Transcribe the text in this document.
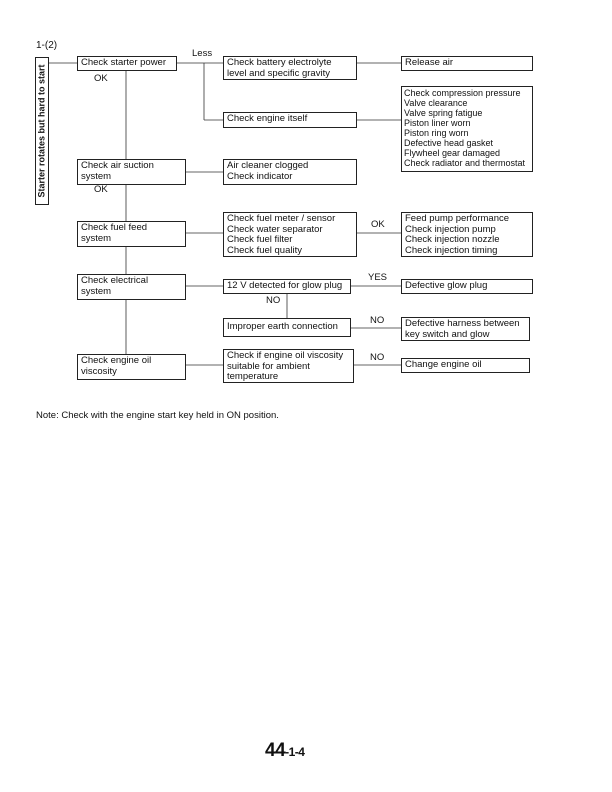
1-(2)
Starter rotates but hard to start
Check starter power
Check air suction
system
Check fuel feed
system
Check electrical
system
Check engine oil
viscosity
Check battery electrolyte
level and specific gravity
Check engine itself
Air cleaner clogged
Check indicator
Check fuel meter / sensor
Check water separator
Check fuel filter
Check fuel quality
12 V detected for glow plug
Improper earth connection
Check if engine oil viscosity
suitable for ambient
temperature
Release air
Check compression pressure
Valve clearance
Valve spring fatigue
Piston liner worn
Piston ring worn
Defective head gasket
Flywheel gear damaged
Check radiator and thermostat
Feed pump performance
Check injection pump
Check injection nozzle
Check injection timing
Defective glow plug
Defective harness between
key switch and glow
Change engine oil
Less
OK
OK
OK
YES
NO
NO
NO
Note: Check with the engine start key held in ON position.
44-1-4
